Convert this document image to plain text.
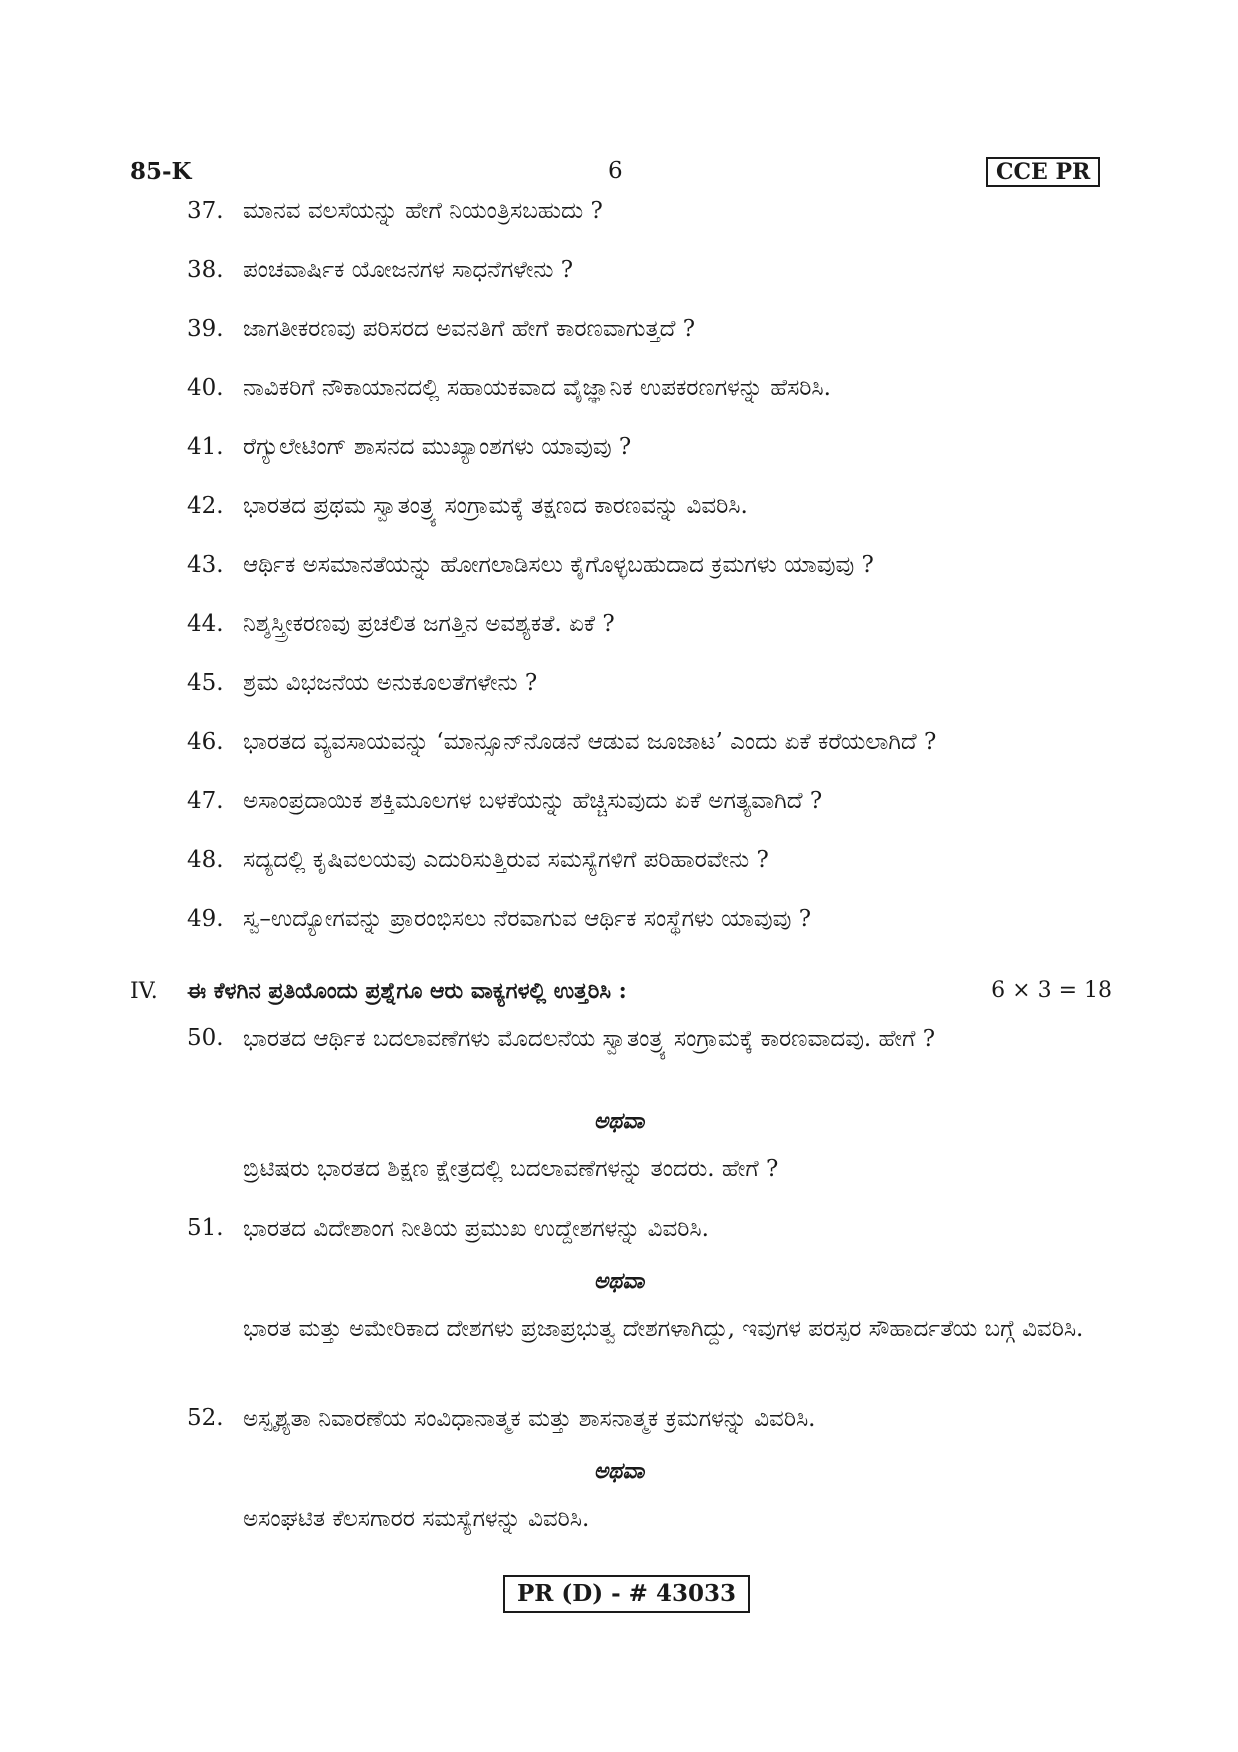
85-K	6	CCE PR
37. ಮಾನವ ವಲಸೆಯನ್ನು ಹೇಗೆ ನಿಯಂತ್ರಿಸಬಹುದು ?
38. ಪಂಚವಾರ್ಷಿಕ ಯೋಜನಗಳ ಸಾಧನೆಗಳೇನು ?
39. ಜಾಗತೀಕರಣವು ಪರಿಸರದ ಅವನತಿಗೆ ಹೇಗೆ ಕಾರಣವಾಗುತ್ತದೆ ?
40. ನಾವಿಕರಿಗೆ ನೌಕಾಯಾನದಲ್ಲಿ ಸಹಾಯಕವಾದ ವೈಜ್ಞಾನಿಕ ಉಪಕರಣಗಳನ್ನು ಹೆಸರಿಸಿ.
41. ರೆಗ್ಯುಲೇಟಿಂಗ್ ಶಾಸನದ ಮುಖ್ಯಾಂಶಗಳು ಯಾವುವು ?
42. ಭಾರತದ ಪ್ರಥಮ ಸ್ವಾತಂತ್ರ್ಯ ಸಂಗ್ರಾಮಕ್ಕೆ ತಕ್ಷಣದ ಕಾರಣವನ್ನು ವಿವರಿಸಿ.
43. ಆರ್ಥಿಕ ಅಸಮಾನತೆಯನ್ನು ಹೋಗಲಾಡಿಸಲು ಕೈಗೊಳ್ಳಬಹುದಾದ ಕ್ರಮಗಳು ಯಾವುವು ?
44. ನಿಶ್ಶಸ್ತ್ರೀಕರಣವು ಪ್ರಚಲಿತ ಜಗತ್ತಿನ ಅವಶ್ಯಕತೆ. ಏಕೆ ?
45. ಶ್ರಮ ವಿಭಜನೆಯ ಅನುಕೂಲತೆಗಳೇನು ?
46. ಭಾರತದ ವ್ಯವಸಾಯವನ್ನು ‘ಮಾನ್ಸೂನ್‌ನೊಡನೆ ಆಡುವ ಜೂಜಾಟ’ ಎಂದು ಏಕೆ ಕರೆಯಲಾಗಿದೆ ?
47. ಅಸಾಂಪ್ರದಾಯಿಕ ಶಕ್ತಿಮೂಲಗಳ ಬಳಕೆಯನ್ನು ಹೆಚ್ಚಿಸುವುದು ಏಕೆ ಅಗತ್ಯವಾಗಿದೆ ?
48. ಸದ್ಯದಲ್ಲಿ ಕೃಷಿವಲಯವು ಎದುರಿಸುತ್ತಿರುವ ಸಮಸ್ಯೆಗಳಿಗೆ ಪರಿಹಾರವೇನು ?
49. ಸ್ವ–ಉದ್ಯೋಗವನ್ನು ಪ್ರಾರಂಭಿಸಲು ನೆರವಾಗುವ ಆರ್ಥಿಕ ಸಂಸ್ಥೆಗಳು ಯಾವುವು ?
IV. ಈ ಕೆಳಗಿನ ಪ್ರತಿಯೊಂದು ಪ್ರಶ್ನೆಗೂ ಆರು ವಾಕ್ಯಗಳಲ್ಲಿ ಉತ್ತರಿಸಿ :	6 × 3 = 18
50. ಭಾರತದ ಆರ್ಥಿಕ ಬದಲಾವಣೆಗಳು ಮೊದಲನೆಯ ಸ್ವಾತಂತ್ರ್ಯ ಸಂಗ್ರಾಮಕ್ಕೆ ಕಾರಣವಾದವು. ಹೇಗೆ ?
ಅಥವಾ
ಬ್ರಿಟಿಷರು ಭಾರತದ ಶಿಕ್ಷಣ ಕ್ಷೇತ್ರದಲ್ಲಿ ಬದಲಾವಣೆಗಳನ್ನು ತಂದರು. ಹೇಗೆ ?
51. ಭಾರತದ ವಿದೇಶಾಂಗ ನೀತಿಯ ಪ್ರಮುಖ ಉದ್ದೇಶಗಳನ್ನು ವಿವರಿಸಿ.
ಅಥವಾ
ಭಾರತ ಮತ್ತು ಅಮೇರಿಕಾದ ದೇಶಗಳು ಪ್ರಜಾಪ್ರಭುತ್ವ ದೇಶಗಳಾಗಿದ್ದು, ಇವುಗಳ ಪರಸ್ಪರ ಸೌಹಾರ್ದತೆಯ ಬಗ್ಗೆ ವಿವರಿಸಿ.
52. ಅಸ್ಪೃಶ್ಯತಾ ನಿವಾರಣೆಯ ಸಂವಿಧಾನಾತ್ಮಕ ಮತ್ತು ಶಾಸನಾತ್ಮಕ ಕ್ರಮಗಳನ್ನು ವಿವರಿಸಿ.
ಅಥವಾ
ಅಸಂಘಟಿತ ಕೆಲಸಗಾರರ ಸಮಸ್ಯೆಗಳನ್ನು ವಿವರಿಸಿ.
PR (D) - # 43033
